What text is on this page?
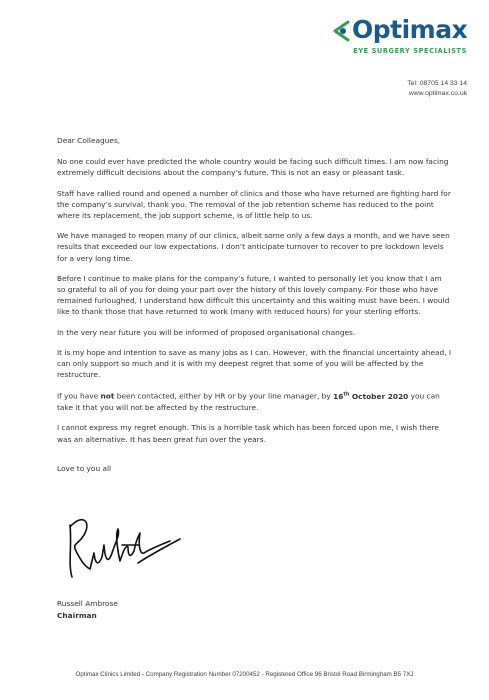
Optimax
EYE SURGERY SPECIALISTS
Tel: 08705 14 33 14
www.optimax.co.uk

Dear Colleagues,

No one could ever have predicted the whole country would be facing such difficult times. I am now facing extremely difficult decisions about the company’s future. This is not an easy or pleasant task.

Staff have rallied round and opened a number of clinics and those who have returned are fighting hard for the company’s survival, thank you. The removal of the job retention scheme has reduced to the point where its replacement, the job support scheme, is of little help to us.

We have managed to reopen many of our clinics, albeit some only a few days a month, and we have seen results that exceeded our low expectations. I don’t anticipate turnover to recover to pre lockdown levels for a very long time.

Before I continue to make plans for the company’s future, I wanted to personally let you know that I am so grateful to all of you for doing your part over the history of this lovely company. For those who have remained furloughed, I understand how difficult this uncertainty and this waiting must have been. I would like to thank those that have returned to work (many with reduced hours) for your sterling efforts.

In the very near future you will be informed of proposed organisational changes.

It is my hope and intention to save as many jobs as I can. However, with the financial uncertainty ahead, I can only support so much and it is with my deepest regret that some of you will be affected by the restructure.

If you have not been contacted, either by HR or by your line manager, by 16th October 2020 you can take it that you will not be affected by the restructure.

I cannot express my regret enough. This is a horrible task which has been forced upon me, I wish there was an alternative. It has been great fun over the years.

Love to you all

Russell Ambrose
Chairman
Optimax Clinics Limited - Company Registration Number 07200452 - Registered Office 96 Bristol Road Birmingham B5 7XJ
